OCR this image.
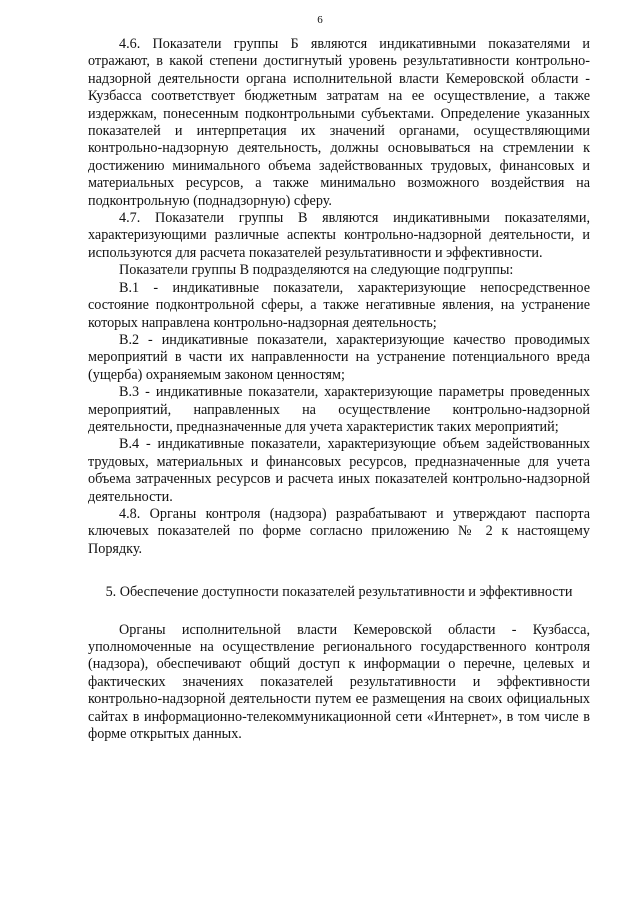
6

4.6. Показатели группы Б являются индикативными показателями и отражают, в какой степени достигнутый уровень результативности контрольно-надзорной деятельности органа исполнительной власти Кемеровской области - Кузбасса соответствует бюджетным затратам на ее осуществление, а также издержкам, понесенным подконтрольными субъектами. Определение указанных показателей и интерпретация их значений органами, осуществляющими контрольно-надзорную деятельность, должны основываться на стремлении к достижению минимального объема задействованных трудовых, финансовых и материальных ресурсов, а также минимально возможного воздействия на подконтрольную (поднадзорную) сферу.

4.7. Показатели группы В являются индикативными показателями, характеризующими различные аспекты контрольно-надзорной деятельности, и используются для расчета показателей результативности и эффективности.

Показатели группы В подразделяются на следующие подгруппы:

В.1 - индикативные показатели, характеризующие непосредственное состояние подконтрольной сферы, а также негативные явления, на устранение которых направлена контрольно-надзорная деятельность;

В.2 - индикативные показатели, характеризующие качество проводимых мероприятий в части их направленности на устранение потенциального вреда (ущерба) охраняемым законом ценностям;

В.3 - индикативные показатели, характеризующие параметры проведенных мероприятий, направленных на осуществление контрольно-надзорной деятельности, предназначенные для учета характеристик таких мероприятий;

В.4 - индикативные показатели, характеризующие объем задействованных трудовых, материальных и финансовых ресурсов, предназначенные для учета объема затраченных ресурсов и расчета иных показателей контрольно-надзорной деятельности.

4.8. Органы контроля (надзора) разрабатывают и утверждают паспорта ключевых показателей по форме согласно приложению № 2 к настоящему Порядку.

5. Обеспечение доступности показателей результативности и эффективности

Органы исполнительной власти Кемеровской области - Кузбасса, уполномоченные на осуществление регионального государственного контроля (надзора), обеспечивают общий доступ к информации о перечне, целевых и фактических значениях показателей результативности и эффективности контрольно-надзорной деятельности путем ее размещения на своих официальных сайтах в информационно-телекоммуникационной сети «Интернет», в том числе в форме открытых данных.
